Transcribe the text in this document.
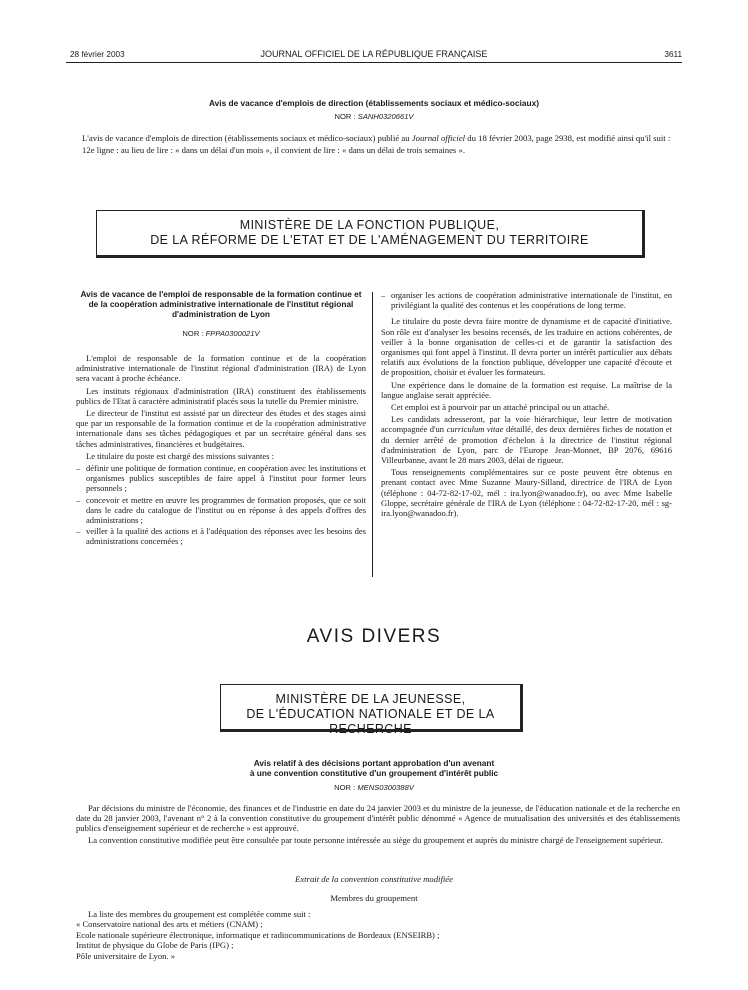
28 février 2003	JOURNAL OFFICIEL DE LA RÉPUBLIQUE FRANÇAISE	3611
Avis de vacance d'emplois de direction (établissements sociaux et médico-sociaux)
NOR : SANH0320661V

L'avis de vacance d'emplois de direction (établissements sociaux et médico-sociaux) publié au Journal officiel du 18 février 2003, page 2938, est modifié ainsi qu'il suit :

12e ligne : au lieu de lire : « dans un délai d'un mois », il convient de lire : « dans un délai de trois semaines ».

MINISTÈRE DE LA FONCTION PUBLIQUE,
DE LA RÉFORME DE L'ETAT ET DE L'AMÉNAGEMENT DU TERRITOIRE
Avis de vacance de l'emploi de responsable de la formation continue et de la coopération administrative internationale de l'institut régional d'administration de Lyon
NOR : FPPA0300021V

L'emploi de responsable de la formation continue et de la coopération administrative internationale de l'institut régional d'administration (IRA) de Lyon sera vacant à proche échéance.

Les instituts régionaux d'administration (IRA) constituent des établissements publics de l'Etat à caractère administratif placés sous la tutelle du Premier ministre.

Le directeur de l'institut est assisté par un directeur des études et des stages ainsi que par un responsable de la formation continue et de la coopération administrative internationale dans ses tâches pédagogiques et par un secrétaire général dans ses tâches administratives, financières et budgétaires.

Le titulaire du poste est chargé des missions suivantes :

– définir une politique de formation continue, en coopération avec les institutions et organismes publics susceptibles de faire appel à l'institut pour former leurs personnels ;
– concevoir et mettre en œuvre les programmes de formation proposés, que ce soit dans le cadre du catalogue de l'institut ou en réponse à des appels d'offres des administrations ;
– veiller à la qualité des actions et à l'adéquation des réponses avec les besoins des administrations concernées ;
– organiser les actions de coopération administrative internationale de l'institut, en privilégiant la qualité des contenus et les coopérations de long terme.

Le titulaire du poste devra faire montre de dynamisme et de capacité d'initiative. Son rôle est d'analyser les besoins recensés, de les traduire en actions cohérentes, de veiller à la bonne organisation de celles-ci et de garantir la satisfaction des organismes qui font appel à l'institut. Il devra porter un intérêt particulier aux débats relatifs aux évolutions de la fonction publique, développer une capacité d'écoute et de proposition, choisir et évaluer les formateurs.

Une expérience dans le domaine de la formation est requise. La maîtrise de la langue anglaise serait appréciée.

Cet emploi est à pourvoir par un attaché principal ou un attaché.

Les candidats adresseront, par la voie hiérarchique, leur lettre de motivation accompagnée d'un curriculum vitae détaillé, des deux dernières fiches de notation et du dernier arrêté de promotion d'échelon à la directrice de l'institut régional d'administration de Lyon, parc de l'Europe Jean-Monnet, BP 2076, 69616 Villeurbanne, avant le 28 mars 2003, délai de rigueur.

Tous renseignements complémentaires sur ce poste peuvent être obtenus en prenant contact avec Mme Suzanne Maury-Silland, directrice de l'IRA de Lyon (téléphone : 04-72-82-17-02, mél : ira.lyon@wanadoo.fr), ou avec Mme Isabelle Gloppe, secrétaire générale de l'IRA de Lyon (téléphone : 04-72-82-17-20, mél : sg-ira.lyon@wanadoo.fr).

AVIS DIVERS
MINISTÈRE DE LA JEUNESSE,
DE L'ÉDUCATION NATIONALE ET DE LA RECHERCHE
Avis relatif à des décisions portant approbation d'un avenant
à une convention constitutive d'un groupement d'intérêt public
NOR : MENS0300388V

Par décisions du ministre de l'économie, des finances et de l'industrie en date du 24 janvier 2003 et du ministre de la jeunesse, de l'éducation nationale et de la recherche en date du 28 janvier 2003, l'avenant n° 2 à la convention constitutive du groupement d'intérêt public dénommé « Agence de mutualisation des universités et des établissements publics d'enseignement supérieur et de recherche » est approuvé.

La convention constitutive modifiée peut être consultée par toute personne intéressée au siège du groupement et auprès du ministre chargé de l'enseignement supérieur.

Extrait de la convention constitutive modifiée
Membres du groupement
La liste des membres du groupement est complétée comme suit :
« Conservatoire national des arts et métiers (CNAM) ;
Ecole nationale supérieure électronique, informatique et radiocommunications de Bordeaux (ENSEIRB) ;
Institut de physique du Globe de Paris (IPG) ;
Pôle universitaire de Lyon. »
